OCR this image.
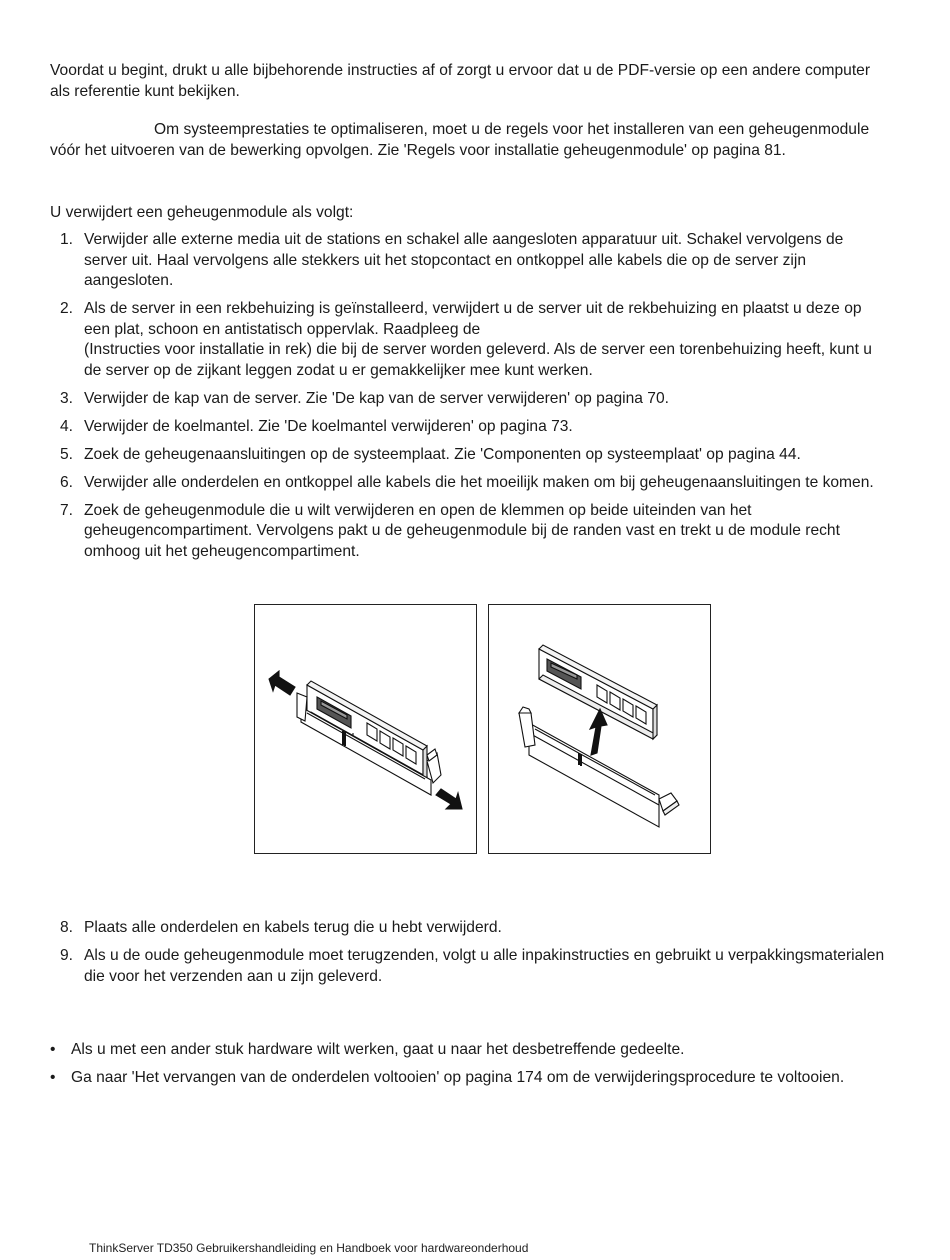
Voordat u begint, drukt u alle bijbehorende instructies af of zorgt u ervoor dat u de PDF-versie op een andere computer als referentie kunt bekijken.

Om systeemprestaties te optimaliseren, moet u de regels voor het installeren van een geheugenmodule vóór het uitvoeren van de bewerking opvolgen. Zie 'Regels voor installatie geheugenmodule' op pagina 81.

U verwijdert een geheugenmodule als volgt:

1. Verwijder alle externe media uit de stations en schakel alle aangesloten apparatuur uit. Schakel vervolgens de server uit. Haal vervolgens alle stekkers uit het stopcontact en ontkoppel alle kabels die op de server zijn aangesloten.
2. Als de server in een rekbehuizing is geïnstalleerd, verwijdert u de server uit de rekbehuizing en plaatst u deze op een plat, schoon en antistatisch oppervlak. Raadpleeg de
(Instructies voor installatie in rek) die bij de server worden geleverd. Als de server een torenbehuizing heeft, kunt u de server op de zijkant leggen zodat u er gemakkelijker mee kunt werken.
3. Verwijder de kap van de server. Zie 'De kap van de server verwijderen' op pagina 70.
4. Verwijder de koelmantel. Zie 'De koelmantel verwijderen' op pagina 73.
5. Zoek de geheugenaansluitingen op de systeemplaat. Zie 'Componenten op systeemplaat' op pagina 44.
6. Verwijder alle onderdelen en ontkoppel alle kabels die het moeilijk maken om bij geheugenaansluitingen te komen.
7. Zoek de geheugenmodule die u wilt verwijderen en open de klemmen op beide uiteinden van het geheugencompartiment. Vervolgens pakt u de geheugenmodule bij de randen vast en trekt u de module recht omhoog uit het geheugencompartiment.
8. Plaats alle onderdelen en kabels terug die u hebt verwijderd.
9. Als u de oude geheugenmodule moet terugzenden, volgt u alle inpakinstructies en gebruikt u verpakkingsmaterialen die voor het verzenden aan u zijn geleverd.
• Als u met een ander stuk hardware wilt werken, gaat u naar het desbetreffende gedeelte.
• Ga naar 'Het vervangen van de onderdelen voltooien' op pagina 174 om de verwijderingsprocedure te voltooien.
ThinkServer TD350 Gebruikershandleiding en Handboek voor hardwareonderhoud
